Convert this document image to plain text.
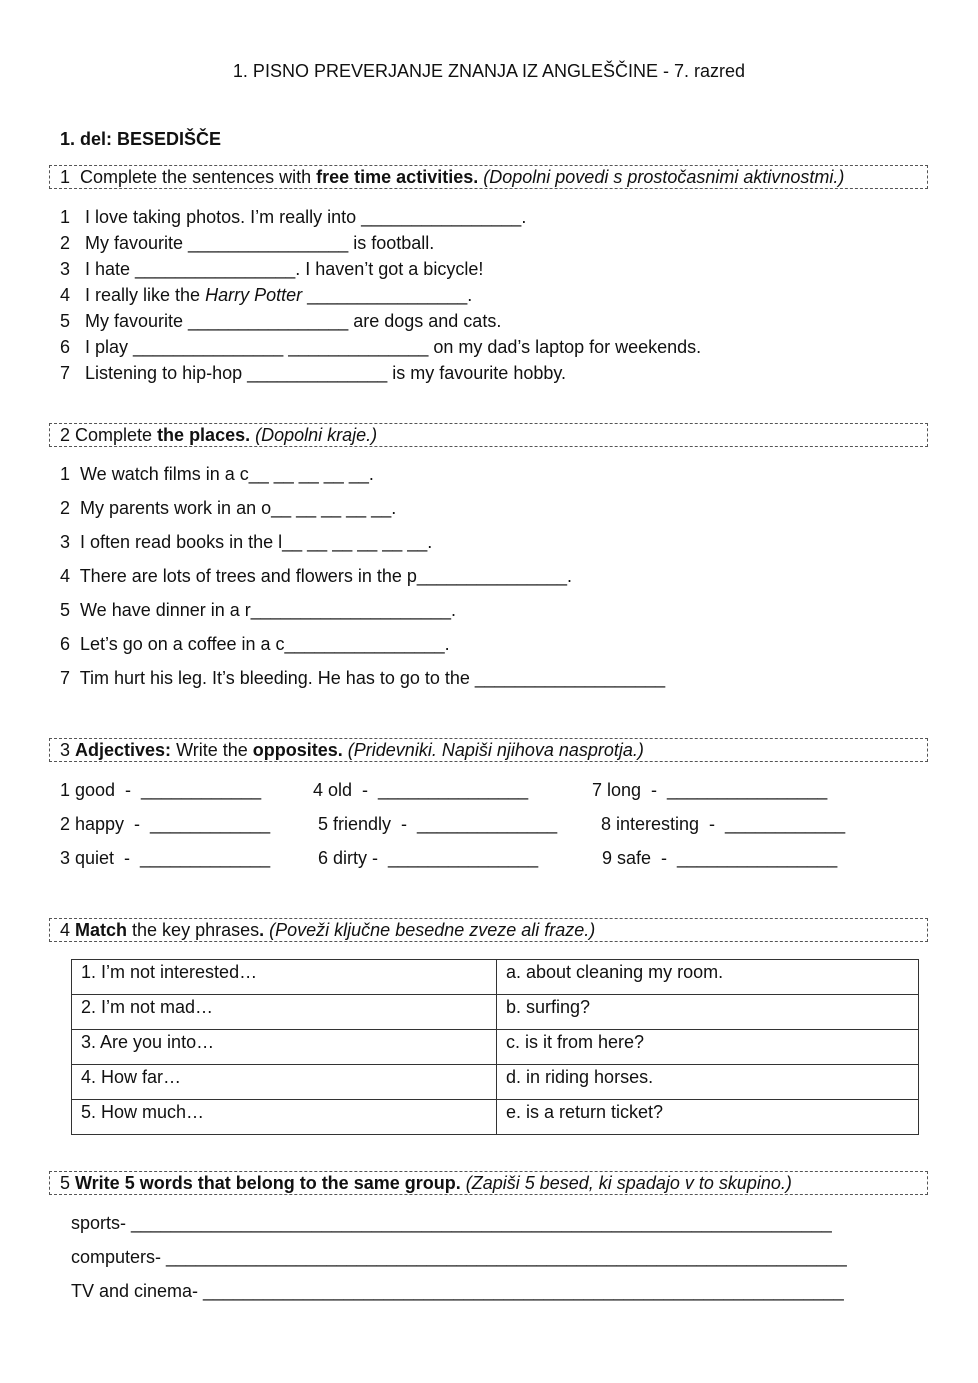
1. PISNO PREVERJANJE ZNANJA IZ ANGLEŠČINE - 7. razred
1. del: BESEDIŠČE
1  Complete the sentences with free time activities. (Dopolni povedi s prostočasnimi aktivnostmi.)
1   I love taking photos. I’m really into ________________.
2   My favourite ________________ is football.
3   I hate ________________. I haven’t got a bicycle!
4   I really like the Harry Potter ________________.
5   My favourite ________________ are dogs and cats.
6   I play _______________ ______________ on my dad’s laptop for weekends.
7   Listening to hip-hop ______________ is my favourite hobby.
2 Complete the places. (Dopolni kraje.)
1  We watch films in a c__ __ __ __ __.
2  My parents work in an o__ __ __ __ __.
3  I often read books in the l__ __ __ __ __ __.
4  There are lots of trees and flowers in the p_______________.
5  We have dinner in a r____________________.
6  Let’s go on a coffee in a c________________.
7  Tim hurt his leg. It’s bleeding. He has to go to the ___________________
3 Adjectives: Write the opposites. (Pridevniki. Napiši njihova nasprotja.)
1 good  -  ____________
2 happy  -  ____________
3 quiet  -  _____________
4 old  -  _______________
5 friendly  -  ______________
6 dirty -  _______________
7 long  -  ________________
8 interesting  -  ____________
9 safe  -  ________________
4 Match the key phrases. (Poveži ključne besedne zveze ali fraze.)
1. I’m not interested…	a. about cleaning my room.
2. I’m not mad…	b. surfing?
3. Are you into…	c. is it from here?
4. How far…	d. in riding horses.
5. How much…	e. is a return ticket?
5 Write 5 words that belong to the same group. (Zapiši 5 besed, ki spadajo v to skupino.)
sports- ______________________________________________________________________
computers- ____________________________________________________________________
TV and cinema- ________________________________________________________________
